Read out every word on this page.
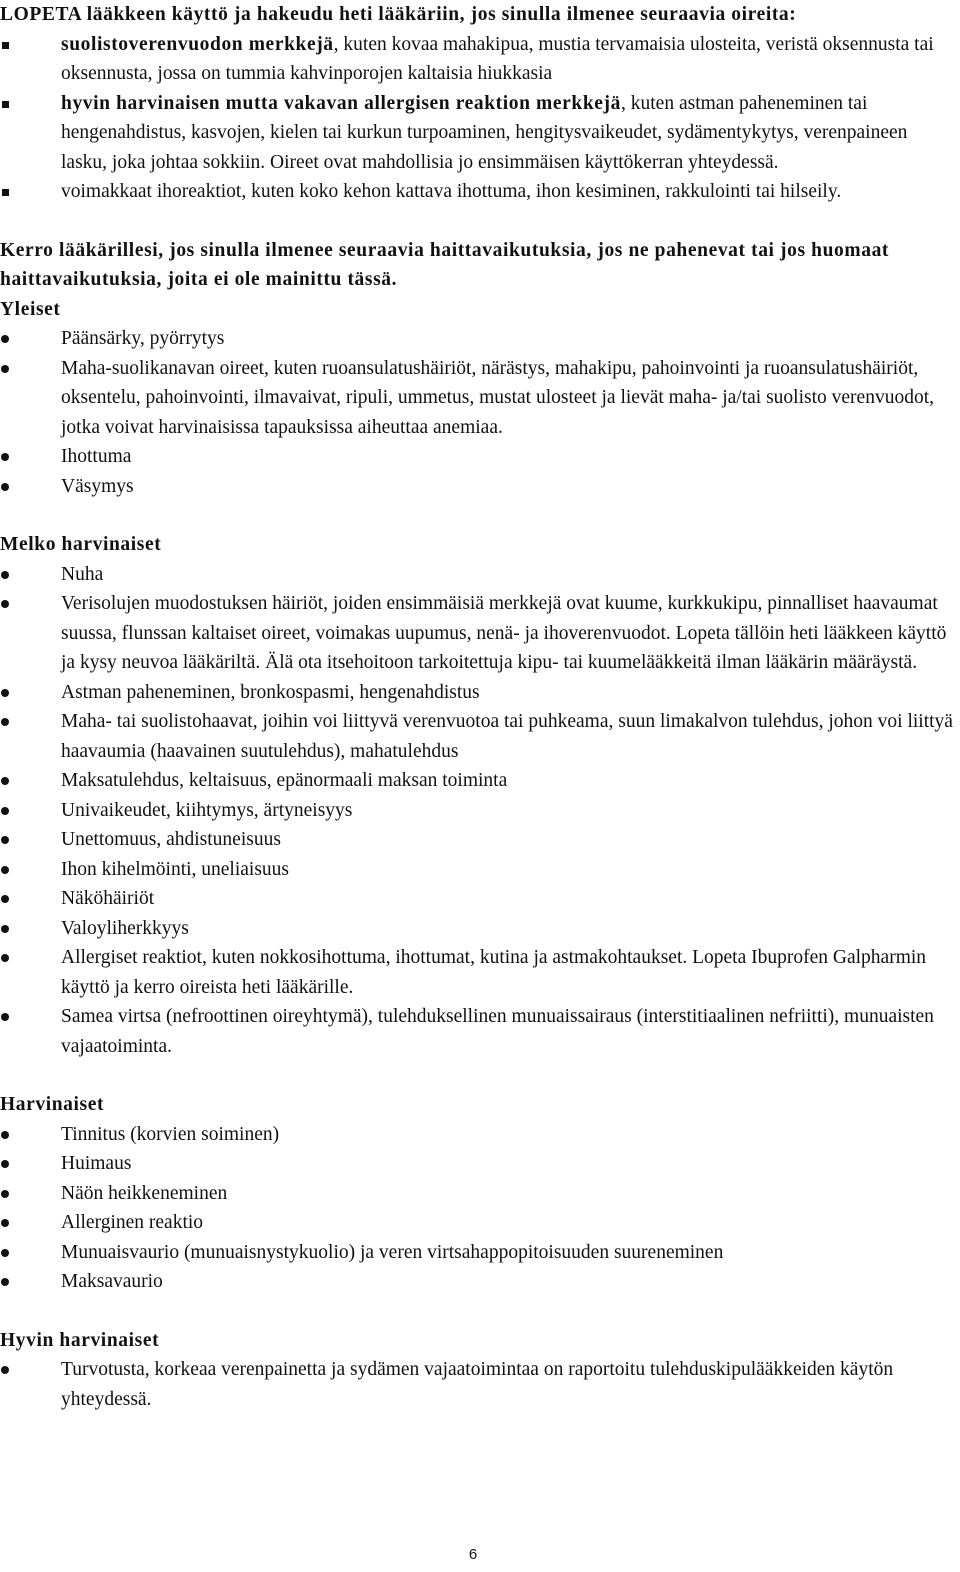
LOPETA lääkkeen käyttö ja hakeudu heti lääkäriin, jos sinulla ilmenee seuraavia oireita:
suolistoverenvuodon merkkejä, kuten kovaa mahakipua, mustia tervamaisia ulosteita, veristä oksennusta tai oksennusta, jossa on tummia kahvinporojen kaltaisia hiukkasia
hyvin harvinaisen mutta vakavan allergisen reaktion merkkejä, kuten astman paheneminen tai hengenahdistus, kasvojen, kielen tai kurkun turpoaminen, hengitysvaikeudet, sydämentykytys, verenpaineen lasku, joka johtaa sokkiin. Oireet ovat mahdollisia jo ensimmäisen käyttökerran yhteydessä.
voimakkaat ihoreaktiot, kuten koko kehon kattava ihottuma, ihon kesiminen, rakkulointi tai hilseily.
Kerro lääkärillesi, jos sinulla ilmenee seuraavia haittavaikutuksia, jos ne pahenevat tai jos huomaat haittavaikutuksia, joita ei ole mainittu tässä.
Yleiset
Päänsärky, pyörrytys
Maha-suolikanavan oireet, kuten ruoansulatushäiriöt, närästys, mahakipu, pahoinvointi ja ruoansulatushäiriöt, oksentelu, pahoinvointi, ilmavaivat, ripuli, ummetus, mustat ulosteet ja lievät maha- ja/tai suolisto verenvuodot, jotka voivat harvinaisissa tapauksissa aiheuttaa anemiaa.
Ihottuma
Väsymys
Melko harvinaiset
Nuha
Verisolujen muodostuksen häiriöt, joiden ensimmäisiä merkkejä ovat kuume, kurkkukipu, pinnalliset haavaumat suussa, flunssan kaltaiset oireet, voimakas uupumus, nenä- ja ihoverenvuodot. Lopeta tällöin heti lääkkeen käyttö ja kysy neuvoa lääkäriltä. Älä ota itsehoitoon tarkoitettuja kipu- tai kuumelääkkeitä ilman lääkärin määräystä.
Astman paheneminen, bronkospasmi, hengenahdistus
Maha- tai suolistohaavat, joihin voi liittyvä verenvuotoa tai puhkeama, suun limakalvon tulehdus, johon voi liittyä haavaumia (haavainen suutulehdus), mahatulehdus
Maksatulehdus, keltaisuus, epänormaali maksan toiminta
Univaikeudet, kiihtymys, ärtyneisyys
Unettomuus, ahdistuneisuus
Ihon kihelmöinti, uneliaisuus
Näköhäiriöt
Valoyliherkkyys
Allergiset reaktiot, kuten nokkosihottuma, ihottumat, kutina ja astmakohtaukset. Lopeta Ibuprofen Galpharmin käyttö ja kerro oireista heti lääkärille.
Samea virtsa (nefroottinen oireyhtymä), tulehduksellinen munuaissairaus (interstitiaalinen nefriitti), munuaisten vajaatoiminta.
Harvinaiset
Tinnitus (korvien soiminen)
Huimaus
Näön heikkeneminen
Allerginen reaktio
Munuaisvaurio (munuaisnystykuolio) ja veren virtsahappopitoisuuden suureneminen
Maksavaurio
Hyvin harvinaiset
Turvotusta, korkeaa verenpainetta ja sydämen vajaatoimintaa on raportoitu tulehduskipulääkkeiden käytön yhteydessä.
6
